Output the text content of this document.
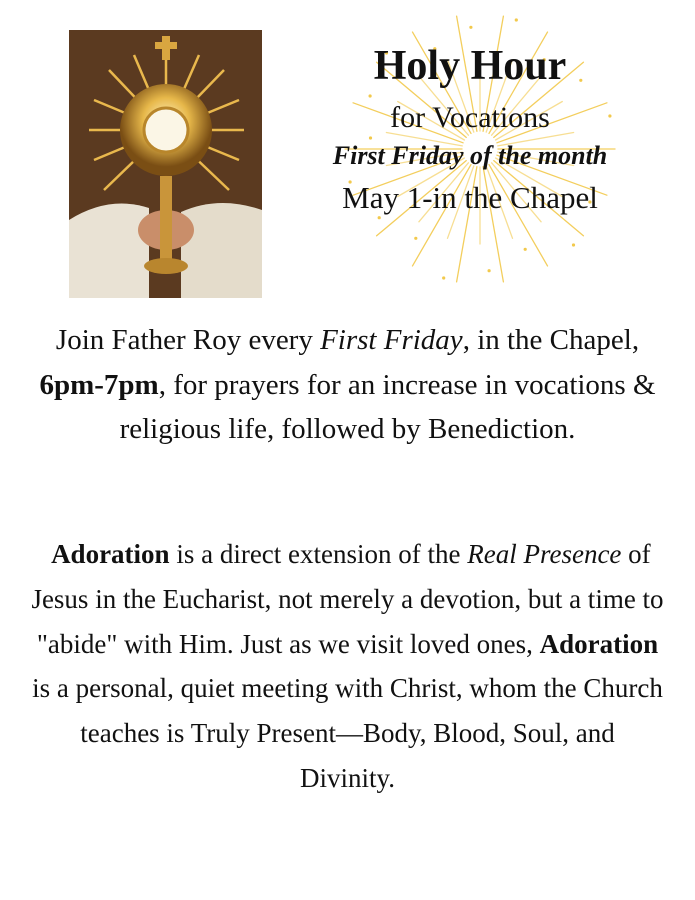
Holy Hour
for Vocations
First Friday of the month
May 1-in the Chapel
Join Father Roy every First Friday, in the Chapel, 6pm-7pm, for prayers for an increase in vocations & religious life, followed by Benediction.
Adoration is a direct extension of the Real Presence of Jesus in the Eucharist, not merely a devotion, but a time to "abide" with Him. Just as we visit loved ones, Adoration is a personal, quiet meeting with Christ, whom the Church teaches is Truly Present—Body, Blood, Soul, and Divinity.
